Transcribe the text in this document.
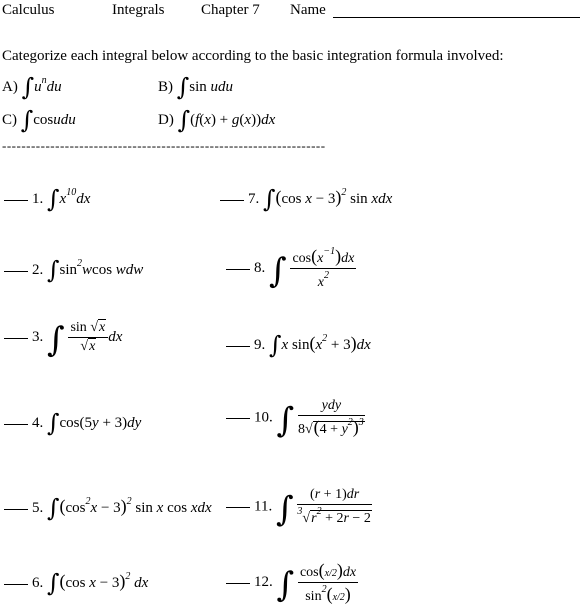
Calculus	Integrals Chapter 7 Name
Categorize each integral below according to the basic integration formula involved:
A) $\int u^ndu$	B) ∫sin udu
C) ∫cosudu	D) ∫(f(x) + g(x))dx
-------------------------------------------------------------------
1. $\int x^{10}dx$
2. $\int\sin^2wcos$ wdw
3. ∫ $\frac{\sin √x}{√x}$ dx
4. ∫cos(5y + 3)dy
5. $\int(\cos^2x - 3)^2$ sin x cos xdx
6. ∫(cos x − 3)$^2$ dx
7. ∫(cos x − 3)$^2$ sin xdx
8. ∫ $\frac{\cos(x^{-1})dx}{x^2}$
9. ∫x $\sin(x^2 + 3)dx$
10. ∫ $\frac{\text{ydy}}{8√(4 + y^2)^3}$
11. ∫ $\frac{(r + 1)dr}{^3√r^2 + 2r - 2}$
12. ∫ $\frac{\cos(x/2)dx}{\sin^2(x/2)}$
